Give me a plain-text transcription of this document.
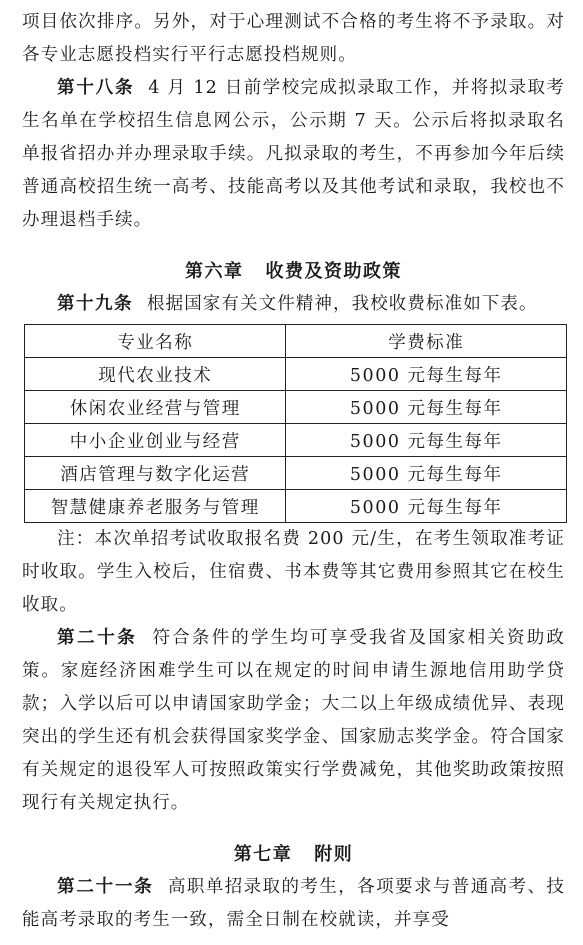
项目依次排序。另外，对于心理测试不合格的考生将不予录取。对各专业志愿投档实行平行志愿投档规则。

第十八条 4 月 12 日前学校完成拟录取工作，并将拟录取考生名单在学校招生信息网公示，公示期 7 天。公示后将拟录取名单报省招办并办理录取手续。凡拟录取的考生，不再参加今年后续普通高校招生统一高考、技能高考以及其他考试和录取，我校也不办理退档手续。

第六章 收费及资助政策

第十九条 根据国家有关文件精神，我校收费标准如下表。

专业名称	学费标准
现代农业技术	5000 元每生每年
休闲农业经营与管理	5000 元每生每年
中小企业创业与经营	5000 元每生每年
酒店管理与数字化运营	5000 元每生每年
智慧健康养老服务与管理	5000 元每生每年

注：本次单招考试收取报名费 200 元/生，在考生领取准考证时收取。学生入校后，住宿费、书本费等其它费用参照其它在校生收取。

第二十条 符合条件的学生均可享受我省及国家相关资助政策。家庭经济困难学生可以在规定的时间申请生源地信用助学贷款；入学以后可以申请国家助学金；大二以上年级成绩优异、表现突出的学生还有机会获得国家奖学金、国家励志奖学金。符合国家有关规定的退役军人可按照政策实行学费减免，其他奖助政策按照现行有关规定执行。

第七章 附则

第二十一条 高职单招录取的考生，各项要求与普通高考、技能高考录取的考生一致，需全日制在校就读，并享受
